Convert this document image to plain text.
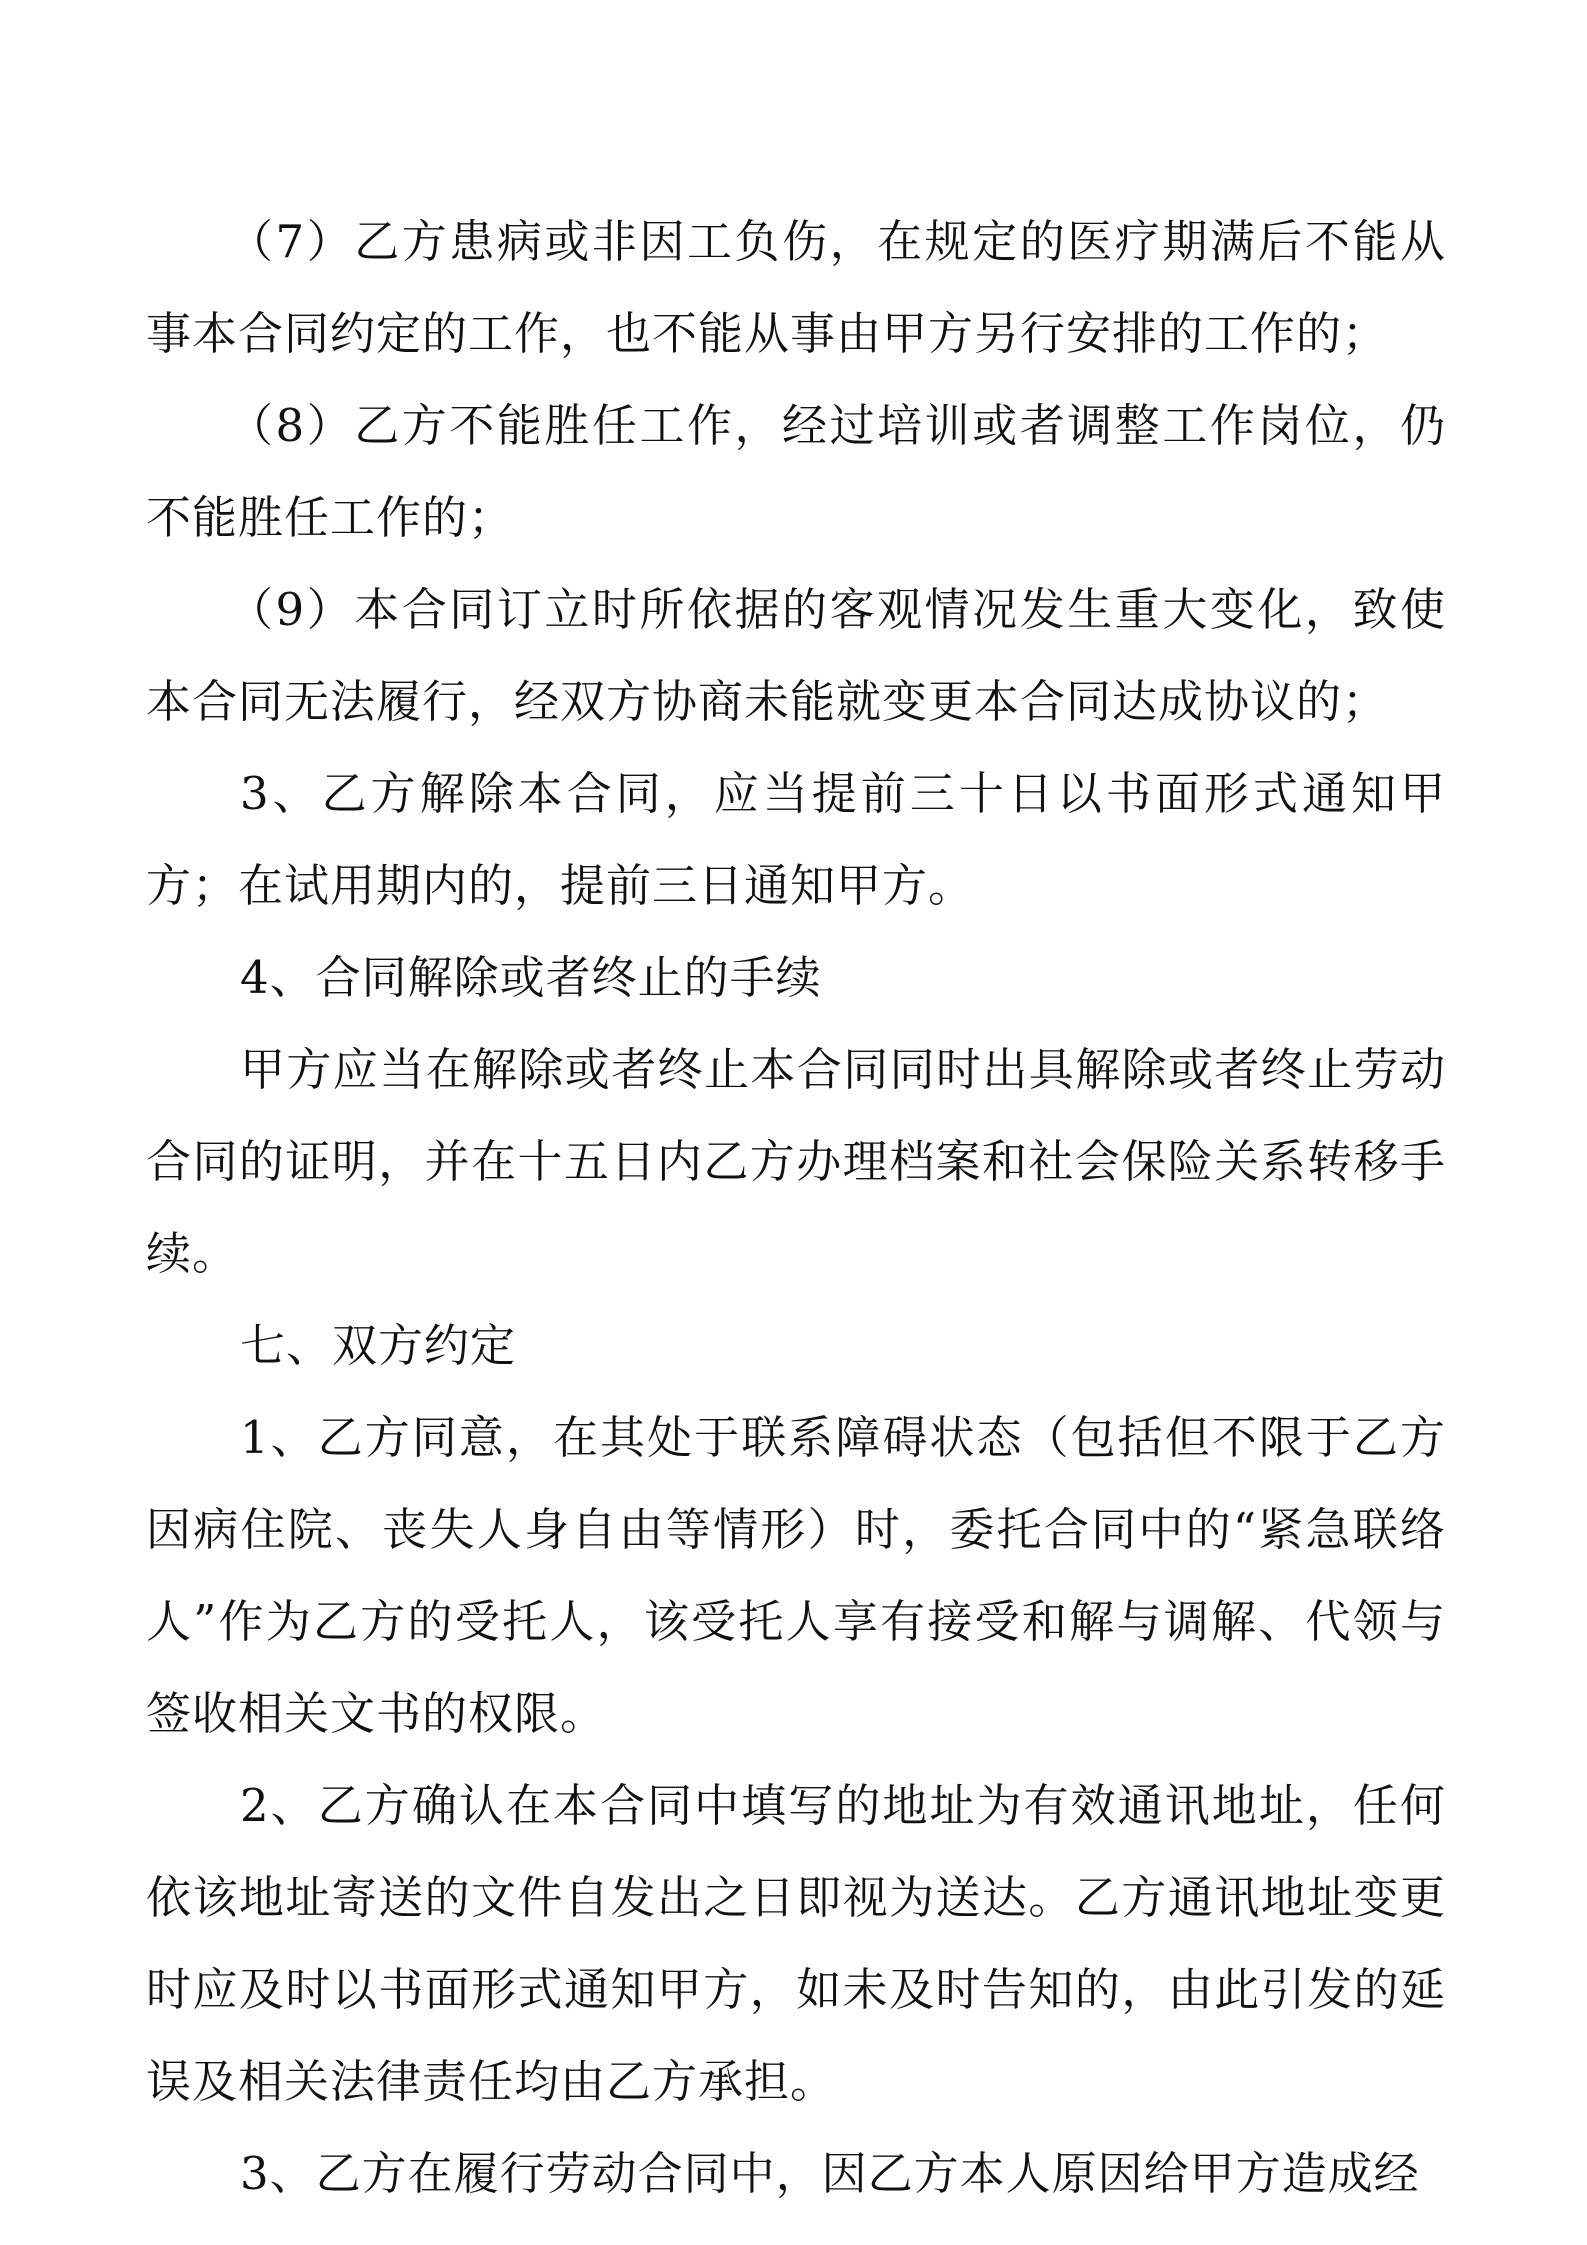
（7）乙方患病或非因工负伤，在规定的医疗期满后不能从事本合同约定的工作，也不能从事由甲方另行安排的工作的；

（8）乙方不能胜任工作，经过培训或者调整工作岗位，仍不能胜任工作的；

（9）本合同订立时所依据的客观情况发生重大变化，致使本合同无法履行，经双方协商未能就变更本合同达成协议的；

3、乙方解除本合同，应当提前三十日以书面形式通知甲方；在试用期内的，提前三日通知甲方。

4、合同解除或者终止的手续

甲方应当在解除或者终止本合同同时出具解除或者终止劳动合同的证明，并在十五日内乙方办理档案和社会保险关系转移手续。

七、双方约定

1、乙方同意，在其处于联系障碍状态（包括但不限于乙方因病住院、丧失人身自由等情形）时，委托合同中的“紧急联络人”作为乙方的受托人，该受托人享有接受和解与调解、代领与签收相关文书的权限。

2、乙方确认在本合同中填写的地址为有效通讯地址，任何依该地址寄送的文件自发出之日即视为送达。乙方通讯地址变更时应及时以书面形式通知甲方，如未及时告知的，由此引发的延误及相关法律责任均由乙方承担。

3、乙方在履行劳动合同中，因乙方本人原因给甲方造成经
